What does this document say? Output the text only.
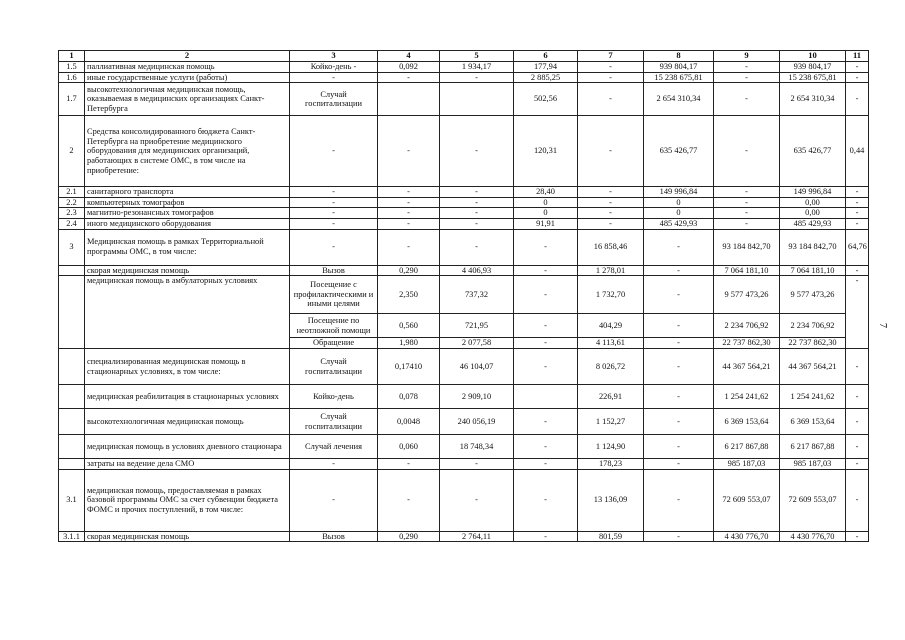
1	2	3	4	5	6	7	8	9	10	11
1.5	паллиативная медицинская помощь	Койко-день -	0,092	1 934,17	177,94	-	939 804,17	-	939 804,17	-
1.6	иные государственные услуги (работы)	-	-	-	2 885,25	-	15 238 675,81	-	15 238 675,81	-
1.7	высокотехнологичная медицинская помощь, оказываемая в медицинских организациях Санкт-Петербурга	Случай госпитализации			502,56	-	2 654 310,34	-	2 654 310,34	-
2	Средства консолидированного бюджета Санкт-Петербурга на приобретение медицинского оборудования для медицинских организаций, работающих в системе ОМС, в том числе на приобретение:	-	-	-	120,31	-	635 426,77	-	635 426,77	0,44
2.1	санитарного транспорта	-	-	-	28,40	-	149 996,84	-	149 996,84	-
2.2	компьютерных томографов	-	-	-	0	-	0	-	0,00	-
2.3	магнитно-резонансных томографов	-	-	-	0	-	0	-	0,00	-
2.4	иного медицинского оборудования	-	-	-	91,91	-	485 429,93	-	485 429,93	-
3	Медицинская помощь в рамках Территориальной программы ОМС, в том числе:	-	-	-	-	16 858,46	-	93 184 842,70	93 184 842,70	64,76
	скорая медицинская помощь	Вызов	0,290	4 406,93	-	1 278,01	-	7 064 181,10	7 064 181,10	-
	медицинская помощь в амбулаторных условиях	Посещение с профилактическими и иными целями	2,350	737,32	-	1 732,70	-	9 577 473,26	9 577 473,26	-
		Посещение по неотложной помощи	0,560	721,95	-	404,29	-	2 234 706,92	2 234 706,92	
		Обращение	1,980	2 077,58	-	4 113,61	-	22 737 862,30	22 737 862,30	
	специализированная медицинская помощь в стационарных условиях, в том числе:	Случай госпитализации	0,17410	46 104,07	-	8 026,72	-	44 367 564,21	44 367 564,21	-
	медицинская реабилитация в стационарных условиях	Койко-день	0,078	2 909,10		226,91	-	1 254 241,62	1 254 241,62	-
	высокотехнологичная медицинская помощь	Случай госпитализации	0,0048	240 056,19	-	1 152,27	-	6 369 153,64	6 369 153,64	-
	медицинская помощь в условиях дневного стационара	Случай лечения	0,060	18 748,34	-	1 124,90	-	6 217 867,88	6 217 867,88	-
	затраты на ведение дела СМО	-	-	-	-	178,23	-	985 187,03	985 187,03	-
3.1	медицинская помощь, предоставляемая в рамках базовой программы ОМС за счет субвенции бюджета ФОМС и прочих поступлений, в том числе:	-	-	-	-	13 136,09	-	72 609 553,07	72 609 553,07	-
3.1.1	скорая медицинская помощь	Вызов	0,290	2 764,11	-	801,59	-	4 430 776,70	4 430 776,70	-
7
